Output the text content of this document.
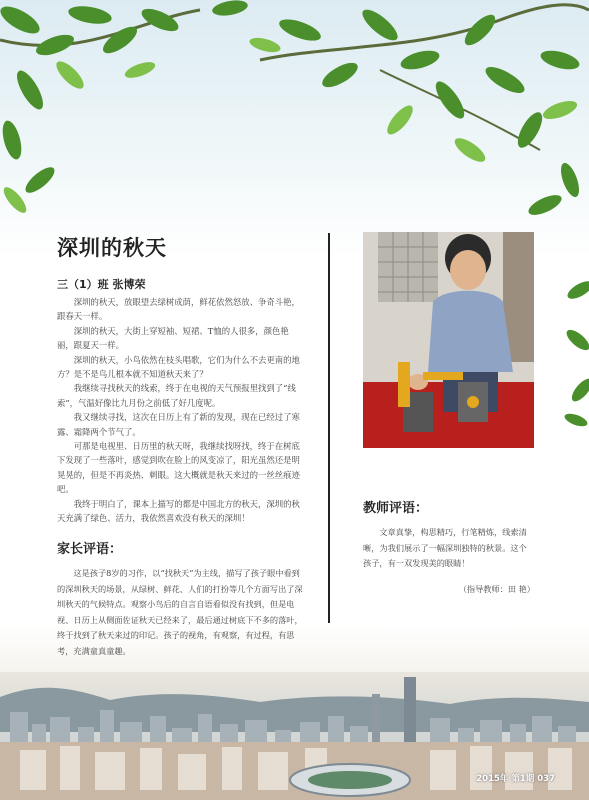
深圳的秋天
三（1）班 张博荣

深圳的秋天，放眼望去绿树成荫，鲜花依然怒放、争奇斗艳，跟春天一样。

深圳的秋天，大街上穿短袖、短裙、T恤的人很多，颜色艳丽，跟夏天一样。

深圳的秋天，小鸟依然在枝头唱歌，它们为什么不去更南的地方？是不是鸟儿根本就不知道秋天来了？

我继续寻找秋天的线索，终于在电视的天气预报里找到了“线索”，气温好像比九月份之前低了好几度呢。

我又继续寻找，这次在日历上有了新的发现，现在已经过了寒露、霜降两个节气了。

可那是电视里、日历里的秋天呀，我继续找呀找，终于在树底下发现了一些落叶，感觉到吹在脸上的风变凉了，阳光虽然还是明晃晃的，但是不再炎热、刺眼。这大概就是秋天来过的一丝丝痕迹吧。

我终于明白了，课本上描写的都是中国北方的秋天，深圳的秋天充满了绿色、活力，我依然喜欢没有秋天的深圳！

家长评语：

这是孩子8岁的习作，以“找秋天”为主线，描写了孩子眼中看到的深圳秋天的场景，从绿树、鲜花、人们的打扮等几个方面写出了深圳秋天的气候特点。观察小鸟后的自言自语看似没有找到，但是电视、日历上从侧面佐证秋天已经来了，最后通过树底下不多的落叶，终于找到了秋天来过的印记。孩子的视角，有观察，有过程，有思考，充满童真童趣。

教师评语：

文章真挚，构思精巧，行笔精炼，线索清晰，为我们展示了一幅深圳独特的秋景。这个孩子，有一双发现美的眼睛！

（指导教师：田 艳）
2015年 第1期 037
